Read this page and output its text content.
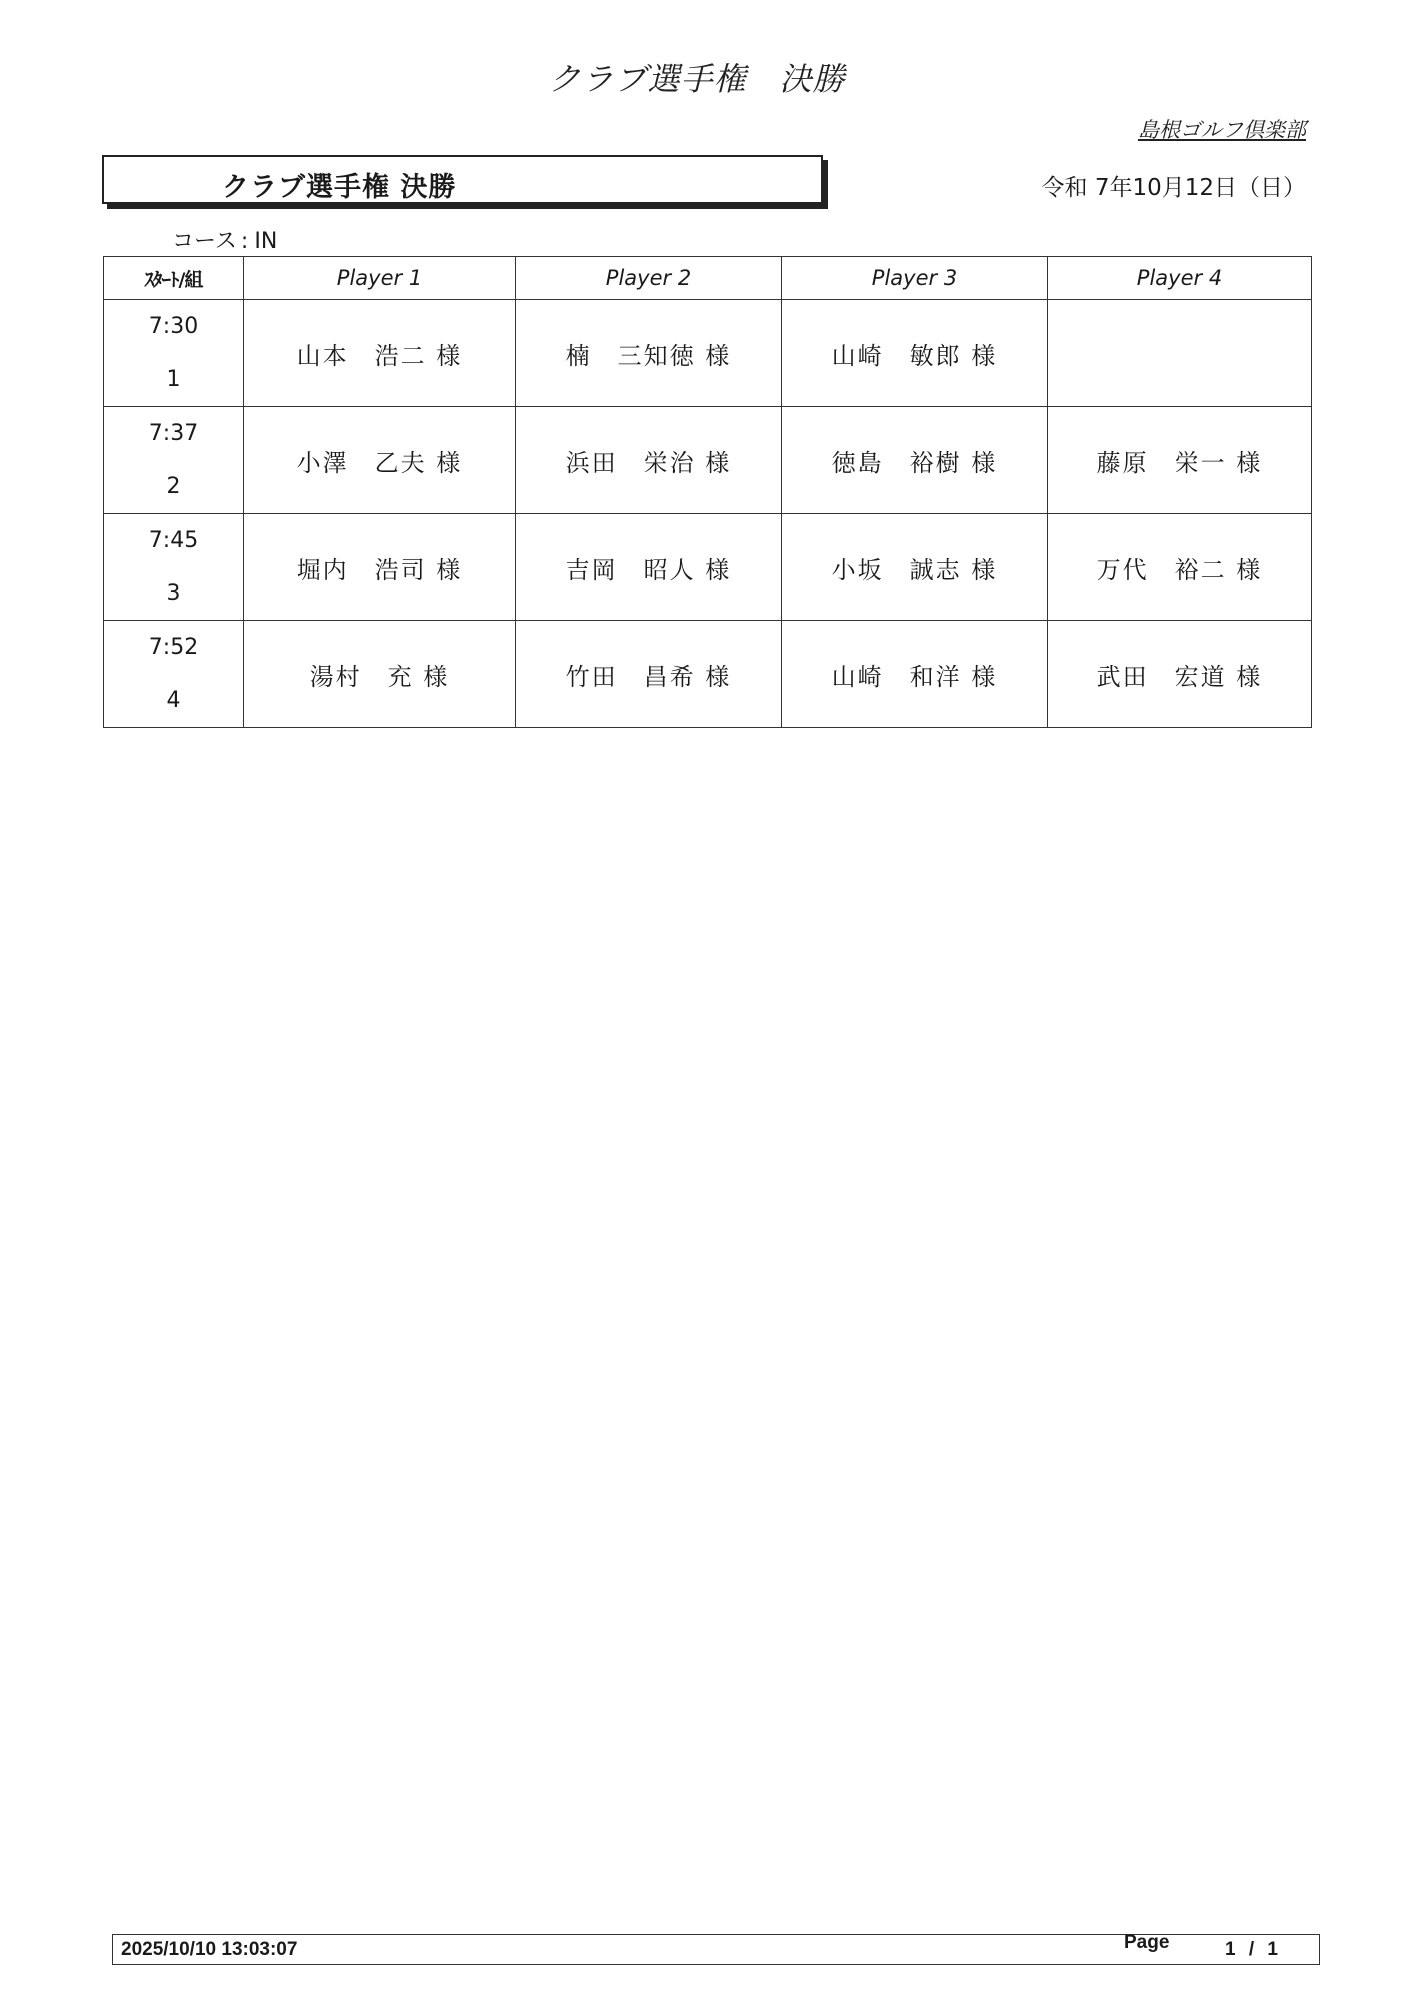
クラブ選手権　決勝
島根ゴルフ倶楽部
クラブ選手権 決勝	令和 7年10月12日（日）
コース : IN
ｽﾀｰﾄ/組	Player 1	Player 2	Player 3	Player 4

7:30
1	山本　浩二 様	楠　三知徳 様	山崎　敏郎 様	

7:37
2	小澤　乙夫 様	浜田　栄治 様	徳島　裕樹 様	藤原　栄一 様

7:45
3	堀内　浩司 様	吉岡　昭人 様	小坂　誠志 様	万代　裕二 様

7:52
4	湯村　充 様	竹田　昌希 様	山崎　和洋 様	武田　宏道 様
2025/10/10 13:03:07	Page	1 / 1
